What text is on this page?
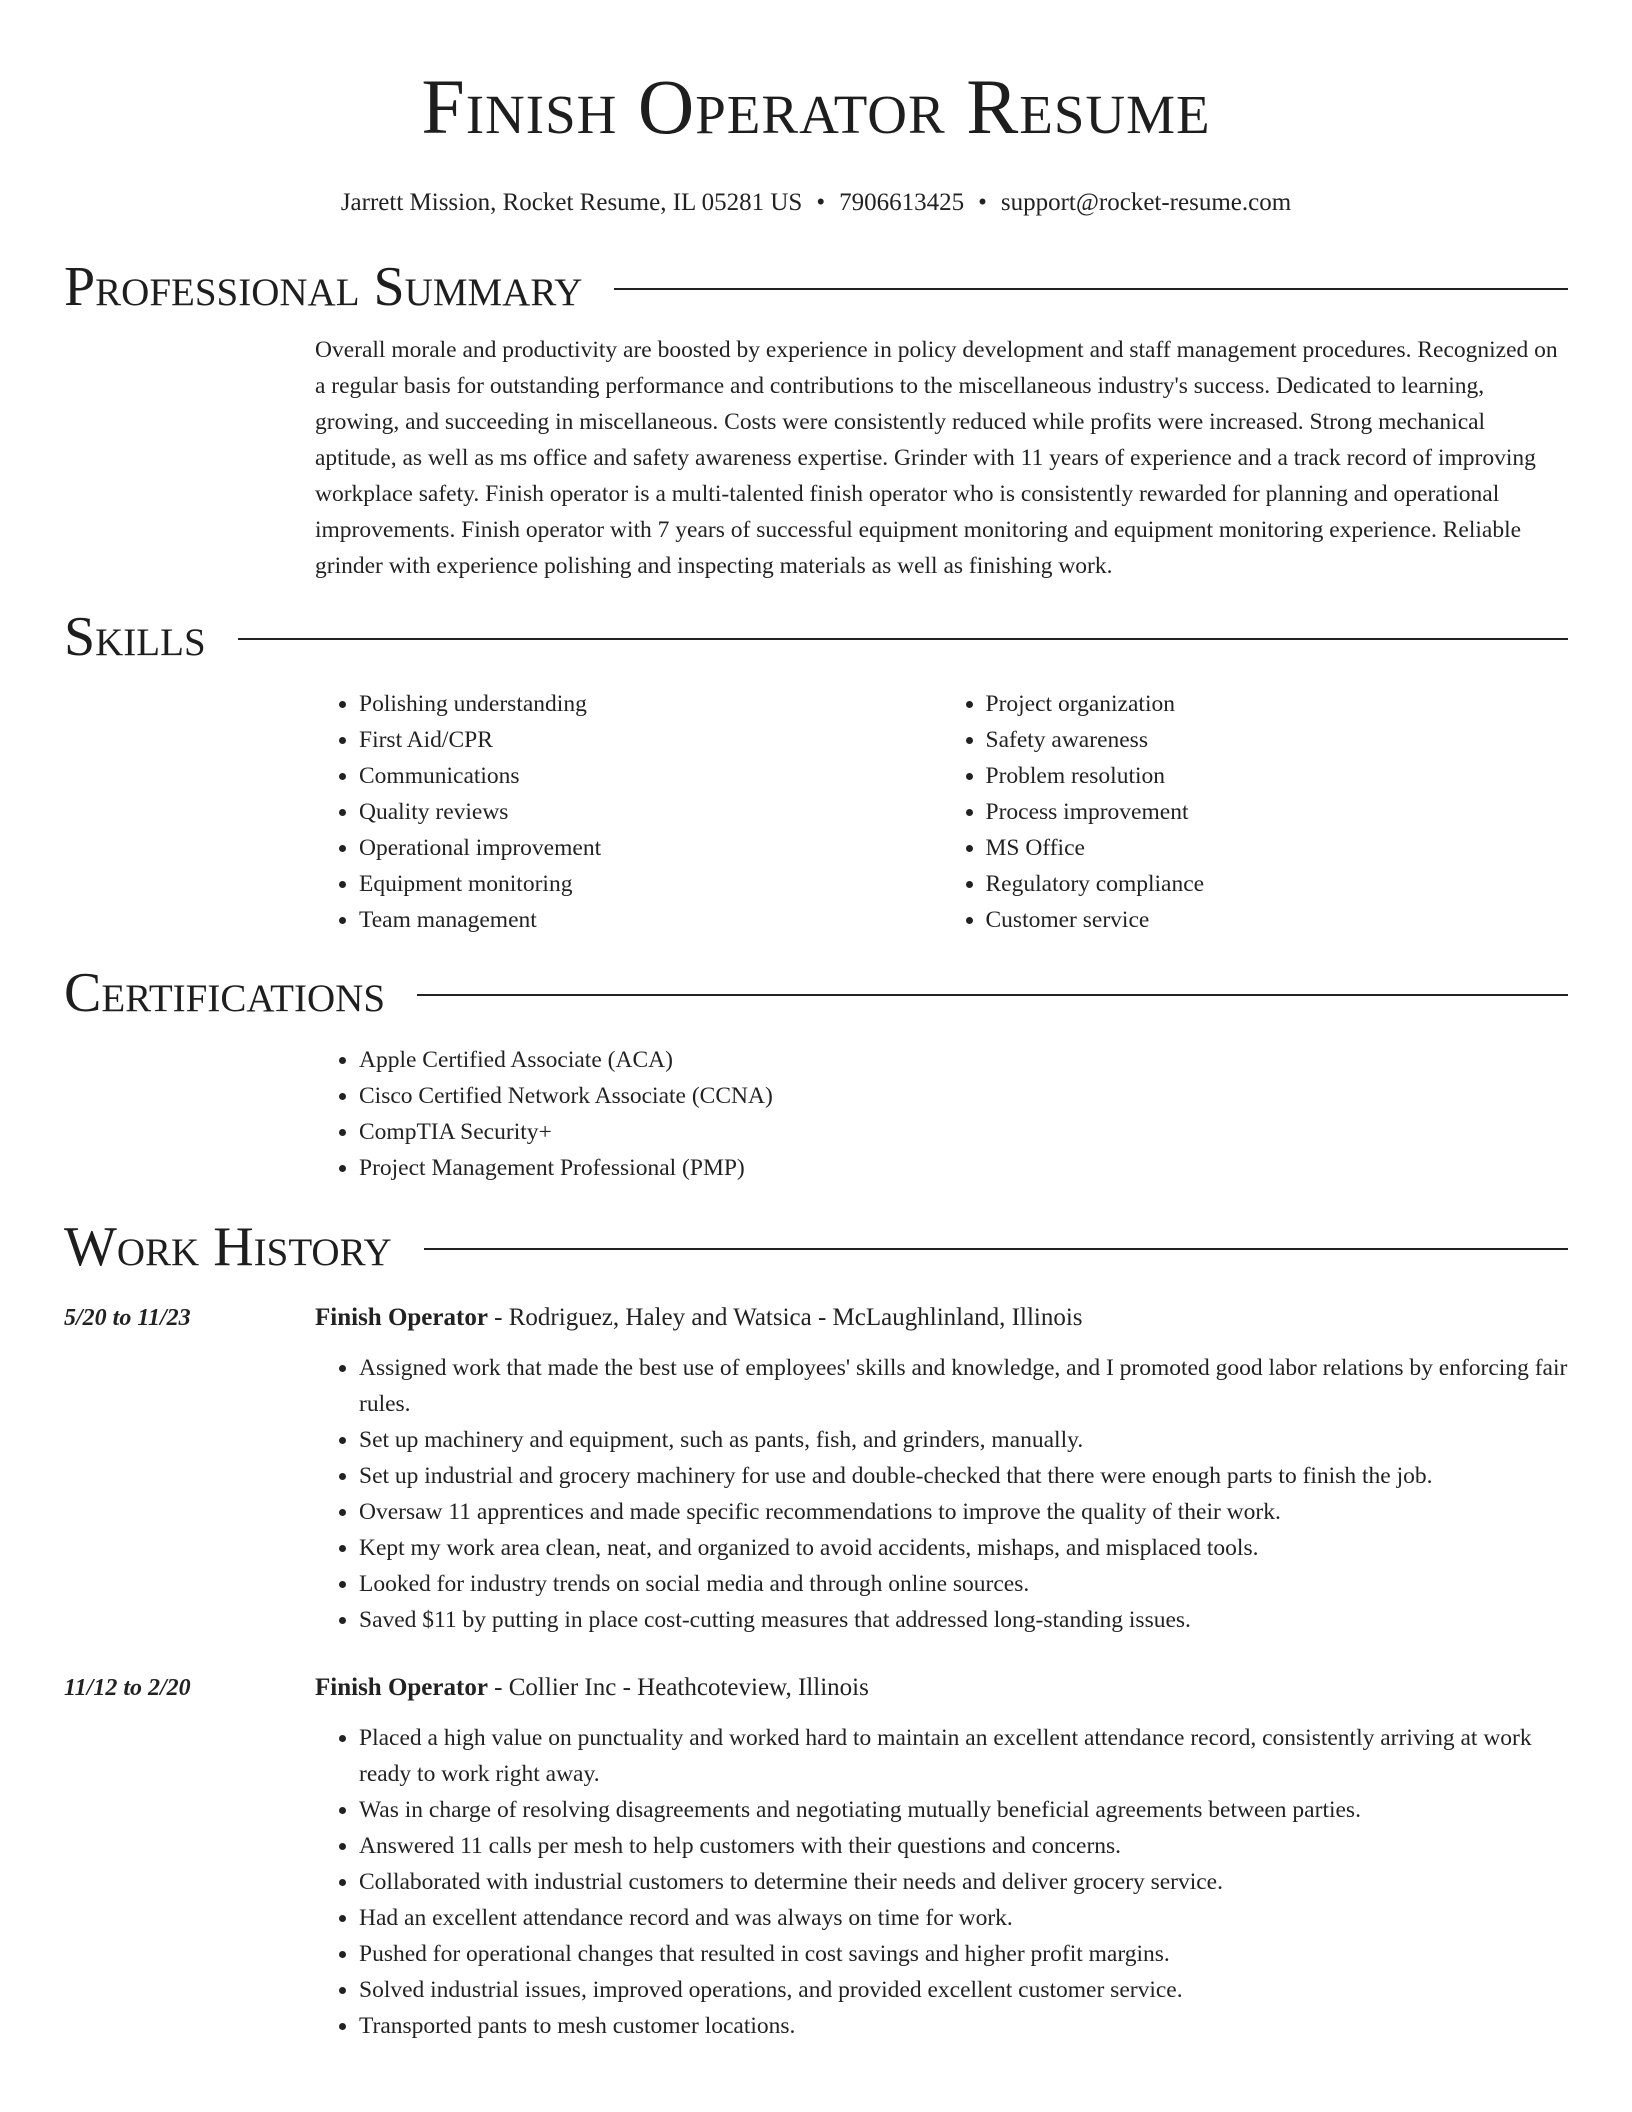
Finish Operator Resume
Jarrett Mission, Rocket Resume, IL 05281 US • 7906613425 • support@rocket-resume.com
Professional Summary

Overall morale and productivity are boosted by experience in policy development and staff management procedures. Recognized on a regular basis for outstanding performance and contributions to the miscellaneous industry's success. Dedicated to learning, growing, and succeeding in miscellaneous. Costs were consistently reduced while profits were increased. Strong mechanical aptitude, as well as ms office and safety awareness expertise. Grinder with 11 years of experience and a track record of improving workplace safety. Finish operator is a multi-talented finish operator who is consistently rewarded for planning and operational improvements. Finish operator with 7 years of successful equipment monitoring and equipment monitoring experience. Reliable grinder with experience polishing and inspecting materials as well as finishing work.

Skills
• Polishing understanding
• First Aid/CPR
• Communications
• Quality reviews
• Operational improvement
• Equipment monitoring
• Team management
• Project organization
• Safety awareness
• Problem resolution
• Process improvement
• MS Office
• Regulatory compliance
• Customer service
Certifications
• Apple Certified Associate (ACA)
• Cisco Certified Network Associate (CCNA)
• CompTIA Security+
• Project Management Professional (PMP)
Work History
5/20 to 11/23	Finish Operator - Rodriguez, Haley and Watsica - McLaughlinland, Illinois
• Assigned work that made the best use of employees' skills and knowledge, and I promoted good labor relations by enforcing fair rules.
• Set up machinery and equipment, such as pants, fish, and grinders, manually.
• Set up industrial and grocery machinery for use and double-checked that there were enough parts to finish the job.
• Oversaw 11 apprentices and made specific recommendations to improve the quality of their work.
• Kept my work area clean, neat, and organized to avoid accidents, mishaps, and misplaced tools.
• Looked for industry trends on social media and through online sources.
• Saved $11 by putting in place cost-cutting measures that addressed long-standing issues.
11/12 to 2/20	Finish Operator - Collier Inc - Heathcoteview, Illinois
• Placed a high value on punctuality and worked hard to maintain an excellent attendance record, consistently arriving at work ready to work right away.
• Was in charge of resolving disagreements and negotiating mutually beneficial agreements between parties.
• Answered 11 calls per mesh to help customers with their questions and concerns.
• Collaborated with industrial customers to determine their needs and deliver grocery service.
• Had an excellent attendance record and was always on time for work.
• Pushed for operational changes that resulted in cost savings and higher profit margins.
• Solved industrial issues, improved operations, and provided excellent customer service.
• Transported pants to mesh customer locations.
